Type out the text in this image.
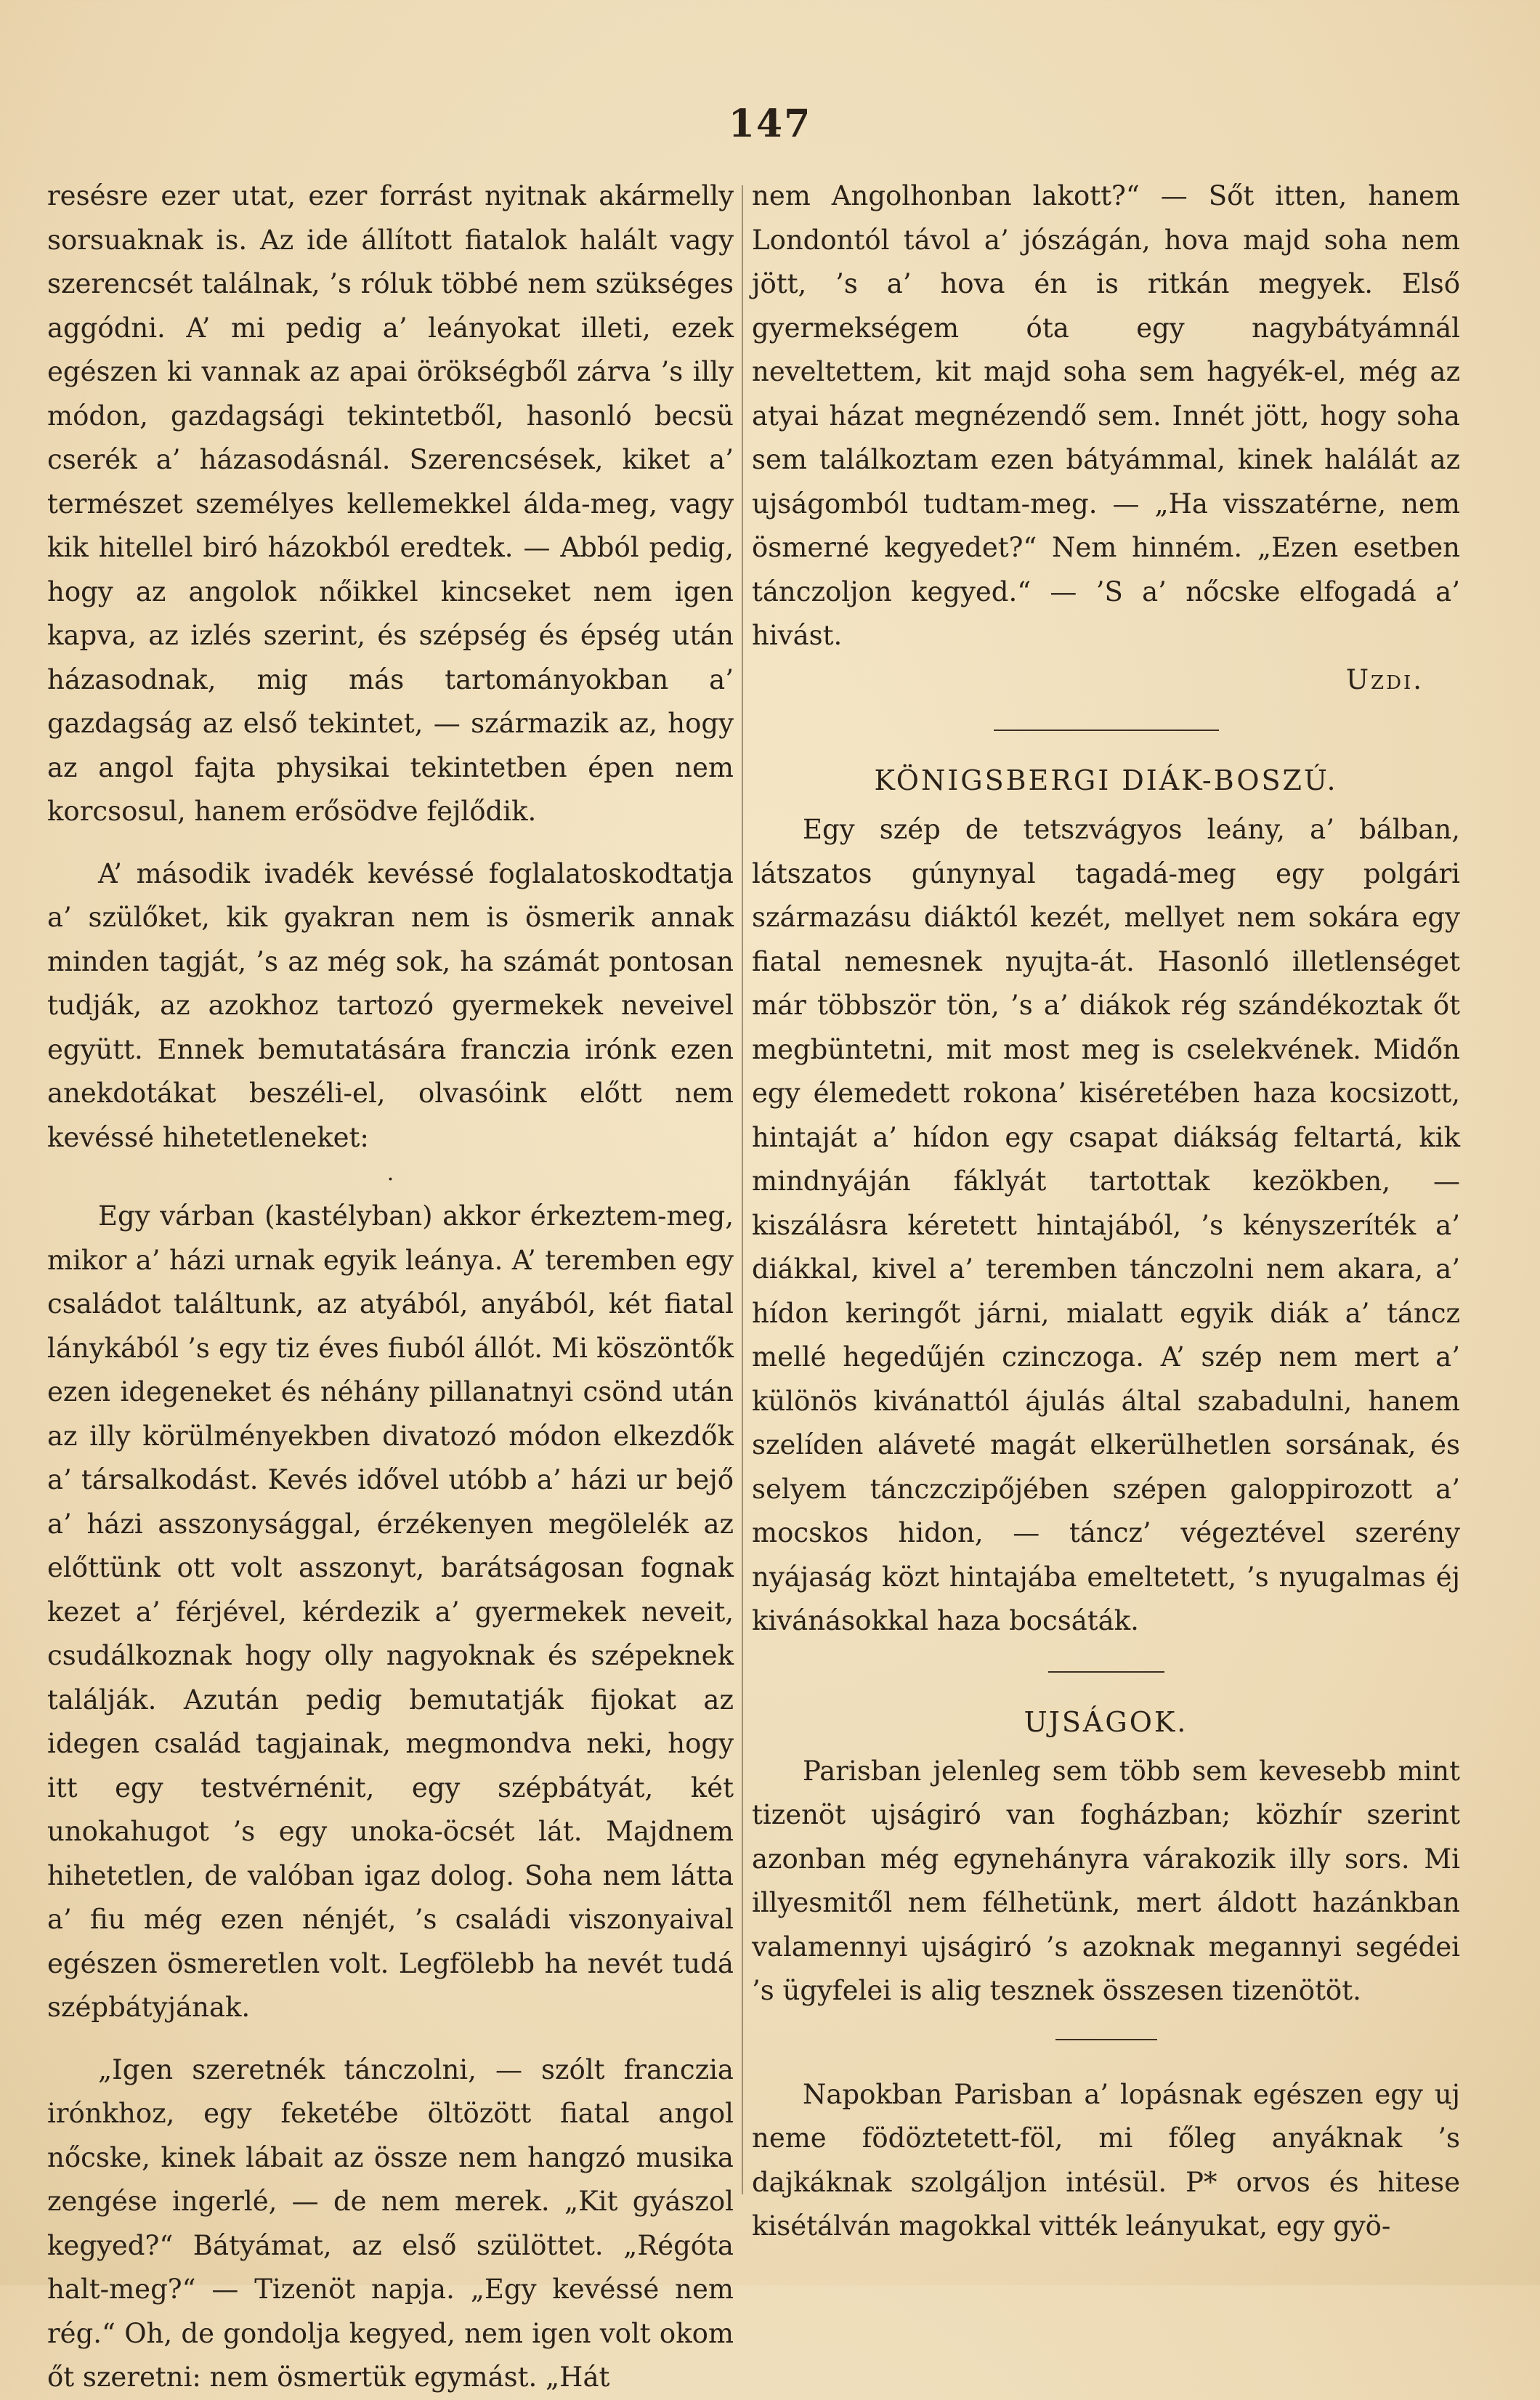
147

resésre ezer utat, ezer forrást nyitnak akármelly sorsuaknak is. Az ide állított fiatalok halált vagy szerencsét találnak, ’s róluk többé nem szükséges aggódni. A’ mi pedig a’ leányokat illeti, ezek egészen ki vannak az apai örökségből zárva ’s illy módon, gazdagsági tekintetből, hasonló becsü cserék a’ házasodásnál. Szerencsések, kiket a’ természet személyes kellemekkel álda-meg, vagy kik hitellel biró házokból eredtek. — Abból pedig, hogy az angolok nőikkel kincseket nem igen kapva, az izlés szerint, és szépség és épség után házasodnak, mig más tartományokban a’ gazdagság az első tekintet, — származik az, hogy az angol fajta physikai tekintetben épen nem korcsosul, hanem erősödve fejlődik.

A’ második ivadék kevéssé foglalatoskodtatja a’ szülőket, kik gyakran nem is ösmerik annak minden tagját, ’s az még sok, ha számát pontosan tudják, az azokhoz tartozó gyermekek neveivel együtt. Ennek bemutatására franczia irónk ezen anekdotákat beszéli-el, olvasóink előtt nem kevéssé hihetetleneket:

·

Egy várban (kastélyban) akkor érkeztem-meg, mikor a’ házi urnak egyik leánya. A’ teremben egy családot találtunk, az atyából, anyából, két fiatal lánykából ’s egy tiz éves fiuból állót. Mi köszöntők ezen idegeneket és néhány pillanatnyi csönd után az illy körülményekben divatozó módon elkezdők a’ társalkodást. Kevés idővel utóbb a’ házi ur bejő a’ házi asszonysággal, érzékenyen megölelék az előttünk ott volt asszonyt, barátságosan fognak kezet a’ férjével, kérdezik a’ gyermekek neveit, csudálkoznak hogy olly nagyoknak és szépeknek találják. Azután pedig bemutatják fijokat az idegen család tagjainak, megmondva neki, hogy itt egy testvérnénit, egy szépbátyát, két unokahugot ’s egy unoka-öcsét lát. Majdnem hihetetlen, de valóban igaz dolog. Soha nem látta a’ fiu még ezen nénjét, ’s családi viszonyaival egészen ösmeretlen volt. Legfölebb ha nevét tudá szépbátyjának.

„Igen szeretnék tánczolni, — szólt franczia irónkhoz, egy feketébe öltözött fiatal angol nőcske, kinek lábait az össze nem hangzó musika zengése ingerlé, — de nem merek. „Kit gyászol kegyed?“ Bátyámat, az első szülöttet. „Régóta halt-meg?“ — Tizenöt napja. „Egy kevéssé nem rég.“ Oh, de gondolja kegyed, nem igen volt okom őt szeretni: nem ösmertük egymást. „Hát

nem Angolhonban lakott?“ — Sőt itten, hanem Londontól távol a’ jószágán, hova majd soha nem jött, ’s a’ hova én is ritkán megyek. Első gyermekségem óta egy nagybátyámnál neveltettem, kit majd soha sem hagyék-el, még az atyai házat megnézendő sem. Innét jött, hogy soha sem találkoztam ezen bátyámmal, kinek halálát az ujságomból tudtam-meg. — „Ha visszatérne, nem ösmerné kegyedet?“ Nem hinném. „Ezen esetben tánczoljon kegyed.“ — ’S a’ nőcske elfogadá a’ hivást.

Uzdi.

KÖNIGSBERGI DIÁK-BOSZÚ.

Egy szép de tetszvágyos leány, a’ bálban, látszatos gúnynyal tagadá-meg egy polgári származásu diáktól kezét, mellyet nem sokára egy fiatal nemesnek nyujta-át. Hasonló illetlenséget már többször tön, ’s a’ diákok rég szándékoztak őt megbüntetni, mit most meg is cselekvének. Midőn egy élemedett rokona’ kiséretében haza kocsizott, hintaját a’ hídon egy csapat diákság feltartá, kik mindnyáján fáklyát tartottak kezökben, — kiszálásra kéretett hintajából, ’s kényszeríték a’ diákkal, kivel a’ teremben tánczolni nem akara, a’ hídon keringőt járni, mialatt egyik diák a’ táncz mellé hegedűjén czinczoga. A’ szép nem mert a’ különös kivánattól ájulás által szabadulni, hanem szelíden aláveté magát elkerülhetlen sorsának, és selyem tánczczipőjében szépen galoppirozott a’ mocskos hidon, — táncz’ végeztével szerény nyájaság közt hintajába emeltetett, ’s nyugalmas éj kivánásokkal haza bocsáták.

UJSÁGOK.

Parisban jelenleg sem több sem kevesebb mint tizenöt ujságiró van fogházban; közhír szerint azonban még egynehányra várakozik illy sors. Mi illyesmitől nem félhetünk, mert áldott hazánkban valamennyi ujságiró ’s azoknak megannyi segédei ’s ügyfelei is alig tesznek összesen tizenötöt.

Napokban Parisban a’ lopásnak egészen egy uj neme födöztetett-föl, mi főleg anyáknak ’s dajkáknak szolgáljon intésül. P* orvos és hitese kisétálván magokkal vitték leányukat, egy gyö-
